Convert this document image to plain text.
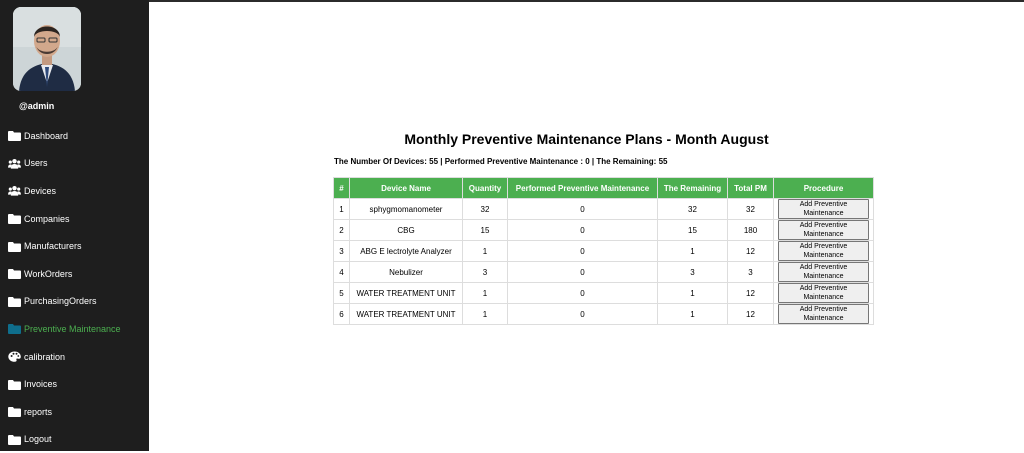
@admin
Dashboard
Users
Devices
Companies
Manufacturers
WorkOrders
PurchasingOrders
Preventive Maintenance
calibration
Invoices
reports
Logout
Monthly Preventive Maintenance Plans - Month August
The Number Of Devices: 55 | Performed Preventive Maintenance : 0 | The Remaining: 55
#	Device Name	Quantity	Performed Preventive Maintenance	The Remaining	Total PM	Procedure
1	sphygmomanometer	32	0	32	32	Add Preventive Maintenance
2	CBG	15	0	15	180	Add Preventive Maintenance
3	ABG E lectrolyte Analyzer	1	0	1	12	Add Preventive Maintenance
4	Nebulizer	3	0	3	3	Add Preventive Maintenance
5	WATER TREATMENT UNIT	1	0	1	12	Add Preventive Maintenance
6	WATER TREATMENT UNIT	1	0	1	12	Add Preventive Maintenance
